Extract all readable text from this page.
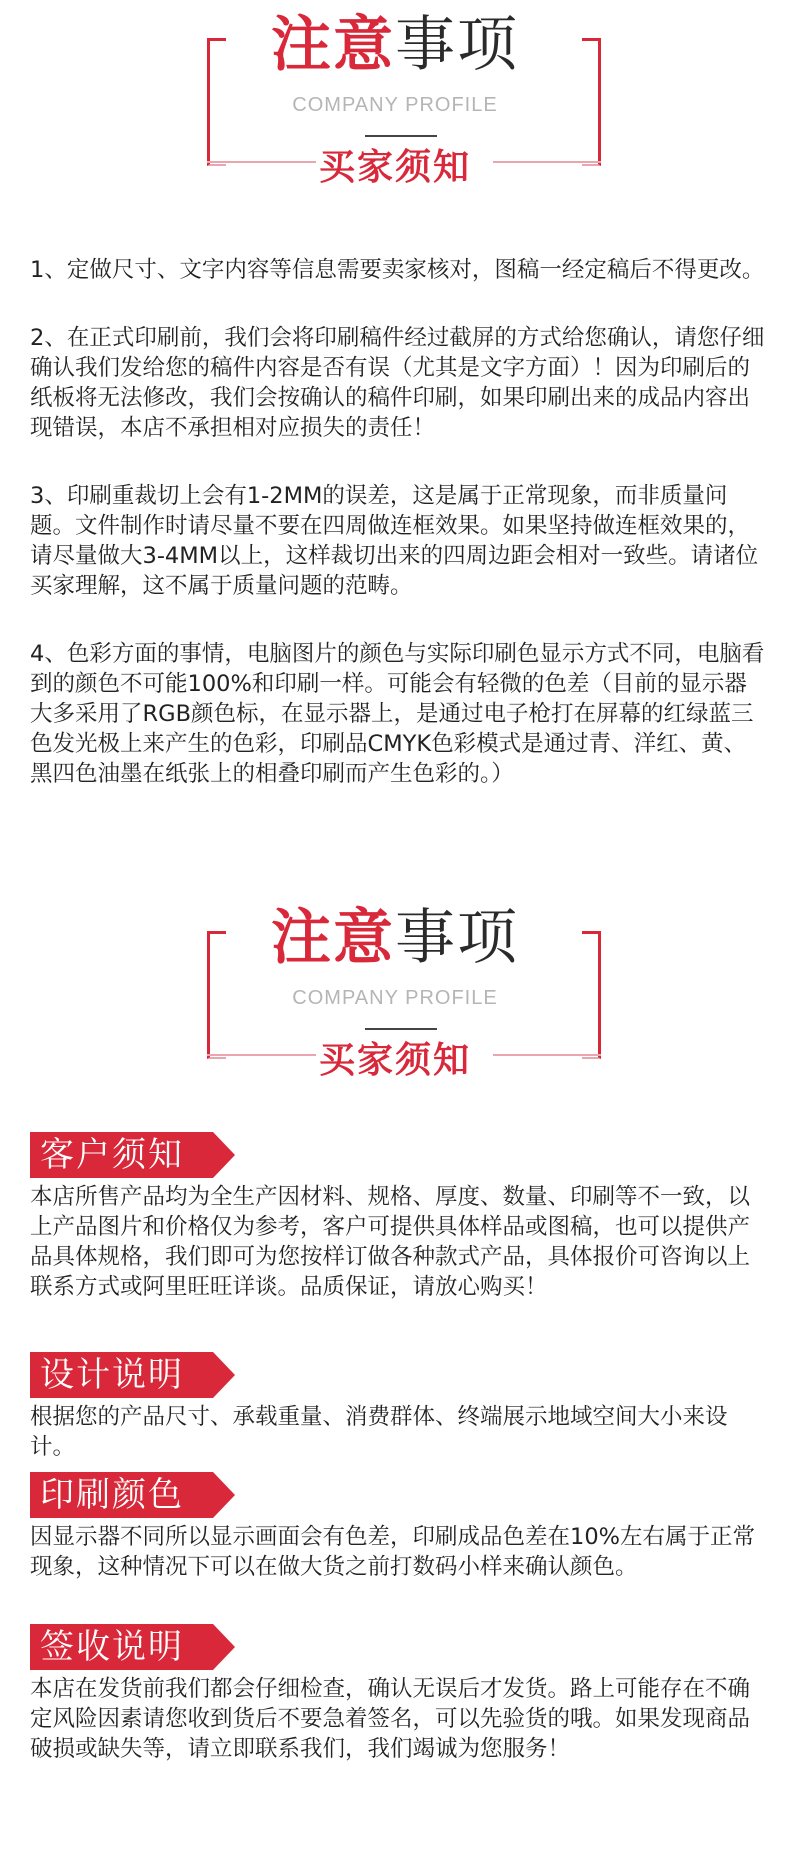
注意事项
COMPANY PROFILE
买家须知

1、定做尺寸、文字内容等信息需要卖家核对，图稿一经定稿后不得更改。

2、在正式印刷前，我们会将印刷稿件经过截屏的方式给您确认，请您仔细确认我们发给您的稿件内容是否有误（尤其是文字方面）！因为印刷后的纸板将无法修改，我们会按确认的稿件印刷，如果印刷出来的成品内容出现错误，本店不承担相对应损失的责任！

3、印刷重裁切上会有1-2MM的误差，这是属于正常现象，而非质量问题。文件制作时请尽量不要在四周做连框效果。如果坚持做连框效果的，请尽量做大3-4MM以上，这样裁切出来的四周边距会相对一致些。请诸位买家理解，这不属于质量问题的范畴。

4、色彩方面的事情，电脑图片的颜色与实际印刷色显示方式不同，电脑看到的颜色不可能100%和印刷一样。可能会有轻微的色差（目前的显示器大多采用了RGB颜色标，在显示器上，是通过电子枪打在屏幕的红绿蓝三色发光极上来产生的色彩，印刷品CMYK色彩模式是通过青、洋红、黄、黑四色油墨在纸张上的相叠印刷而产生色彩的。）

注意事项
COMPANY PROFILE
买家须知
客户须知

本店所售产品均为全生产因材料、规格、厚度、数量、印刷等不一致，以上产品图片和价格仅为参考，客户可提供具体样品或图稿，也可以提供产品具体规格，我们即可为您按样订做各种款式产品，具体报价可咨询以上联系方式或阿里旺旺详谈。品质保证，请放心购买！

设计说明

根据您的产品尺寸、承载重量、消费群体、终端展示地域空间大小来设计。

印刷颜色

因显示器不同所以显示画面会有色差，印刷成品色差在10%左右属于正常现象，这种情况下可以在做大货之前打数码小样来确认颜色。

签收说明

本店在发货前我们都会仔细检查，确认无误后才发货。路上可能存在不确定风险因素请您收到货后不要急着签名，可以先验货的哦。如果发现商品破损或缺失等，请立即联系我们，我们竭诚为您服务！
